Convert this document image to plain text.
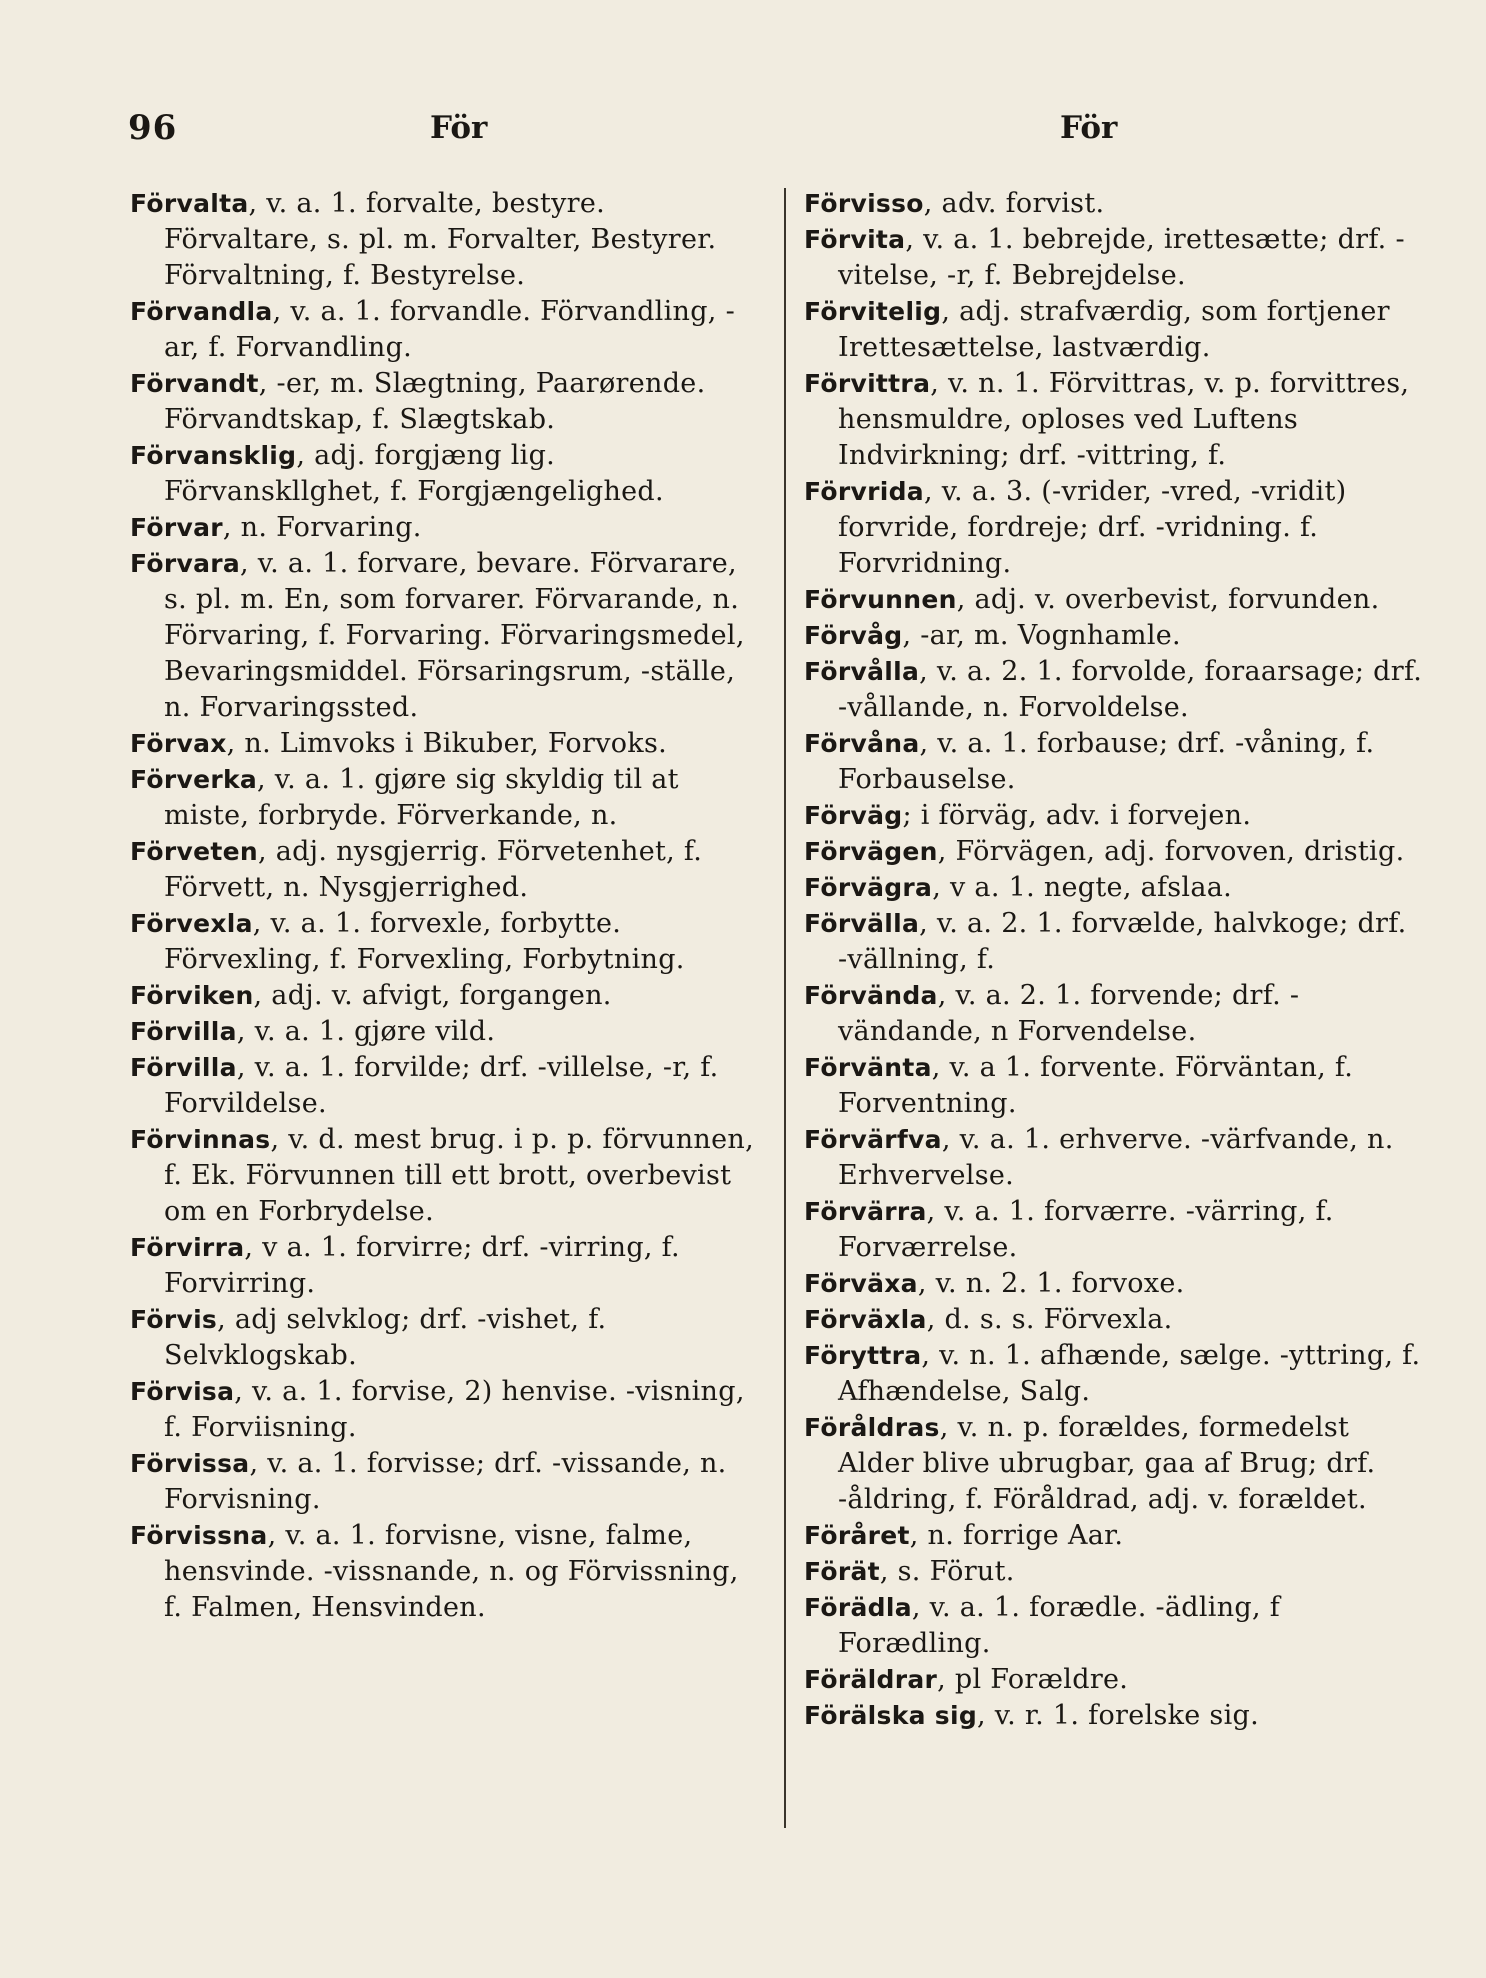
96	För	För

Förvalta, v. a. 1. forvalte, bestyre. Förvaltare, s. pl. m. Forvalter, Bestyrer. Förvaltning, f. Bestyrelse.

Förvandla, v. a. 1. forvandle. Förvandling, -ar, f. Forvandling.

Förvandt, -er, m. Slægtning, Paarørende. Förvandtskap, f. Slægtskab.

Förvansklig, adj. forgjæng lig. Förvanskllghet, f. Forgjængelighed.

Förvar, n. Forvaring.

Förvara, v. a. 1. forvare, bevare. Förvarare, s. pl. m. En, som forvarer. Förvarande, n. Förvaring, f. Forvaring. Förvaringsmedel, Bevaringsmiddel. Försaringsrum, -ställe, n. Forvaringssted.

Förvax, n. Limvoks i Bikuber, Forvoks.

Förverka, v. a. 1. gjøre sig skyldig til at miste, forbryde. Förverkande, n.

Förveten, adj. nysgjerrig. Förvetenhet, f. Förvett, n. Nysgjerrighed.

Förvexla, v. a. 1. forvexle, forbytte. Förvexling, f. Forvexling, Forbytning.

Förviken, adj. v. afvigt, forgangen.

Förvilla, v. a. 1. gjøre vild.

Förvilla, v. a. 1. forvilde; drf. -villelse, -r, f. Forvildelse.

Förvinnas, v. d. mest brug. i p. p. förvunnen, f. Ek. Förvunnen till ett brott, overbevist om en Forbrydelse.

Förvirra, v a. 1. forvirre; drf. -virring, f. Forvirring.

Förvis, adj selvklog; drf. -vishet, f. Selvklogskab.

Förvisa, v. a. 1. forvise, 2) henvise. -visning, f. Forviisning.

Förvissa, v. a. 1. forvisse; drf. -vissande, n. Forvisning.

Förvissna, v. a. 1. forvisne, visne, falme, hensvinde. -vissnande, n. og Förvissning, f. Falmen, Hensvinden.

Förvisso, adv. forvist.

Förvita, v. a. 1. bebrejde, irettesætte; drf. -vitelse, -r, f. Bebrejdelse.

Förvitelig, adj. strafværdig, som fortjener Irettesættelse, lastværdig.

Förvittra, v. n. 1. Förvittras, v. p. forvittres, hensmuldre, oploses ved Luftens Indvirkning; drf. -vittring, f.

Förvrida, v. a. 3. (-vrider, -vred, -vridit) forvride, fordreje; drf. -vridning. f. Forvridning.

Förvunnen, adj. v. overbevist, forvunden.

Förvåg, -ar, m. Vognhamle.

Förvålla, v. a. 2. 1. forvolde, foraarsage; drf. -vållande, n. Forvoldelse.

Förvåna, v. a. 1. forbause; drf. -våning, f. Forbauselse.

Förväg; i förväg, adv. i forvejen.

Förvägen, Förvägen, adj. forvoven, dristig.

Förvägra, v a. 1. negte, afslaa.

Förvälla, v. a. 2. 1. forvælde, halvkoge; drf. -vällning, f.

Förvända, v. a. 2. 1. forvende; drf. -vändande, n Forvendelse.

Förvänta, v. a 1. forvente. Förväntan, f. Forventning.

Förvärfva, v. a. 1. erhverve. -värfvande, n. Erhvervelse.

Förvärra, v. a. 1. forværre. -värring, f. Forværrelse.

Förväxa, v. n. 2. 1. forvoxe.

Förväxla, d. s. s. Förvexla.

Föryttra, v. n. 1. afhænde, sælge. -yttring, f. Afhændelse, Salg.

Föråldras, v. n. p. forældes, formedelst Alder blive ubrugbar, gaa af Brug; drf. -åldring, f. Föråldrad, adj. v. forældet.

Föråret, n. forrige Aar.

Förät, s. Förut.

Förädla, v. a. 1. forædle. -ädling, f Forædling.

Föräldrar, pl Forældre.

Förälska sig, v. r. 1. forelske sig.
